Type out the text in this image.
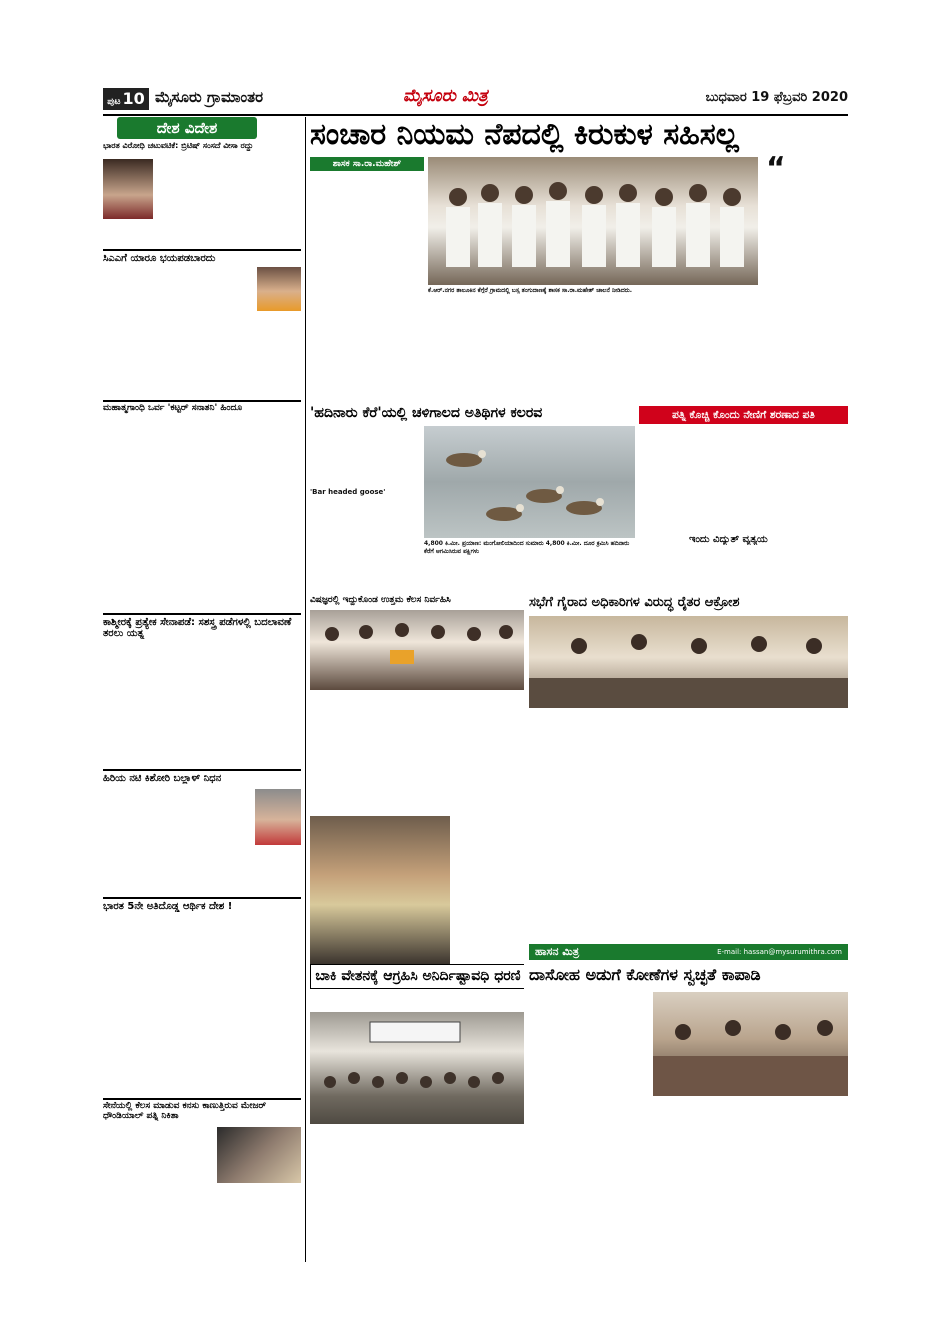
ಪುಟ 10 ಮೈಸೂರು ಗ್ರಾಮಾಂತರ	ಮೈಸೂರು ಮಿತ್ರ	ಬುಧವಾರ 19 ಫೆಬ್ರವರಿ 2020
ದೇಶ ವಿದೇಶ
ಭಾರತ ವಿರೋಧಿ ಚಟುವಟಿಕೆ: ಬ್ರಿಟಿಷ್ ಸಂಸದೆ ವೀಸಾ ರದ್ದು
ಸಿಎಎಗೆ ಯಾರೂ ಭಯಪಡಬಾರದು
ಮಹಾತ್ಮಗಾಂಧಿ ಒರ್ವ 'ಕಟ್ಟರ್ ಸನಾತನಿ' ಹಿಂದೂ
ಕಾಶ್ಮೀರಕ್ಕೆ ಪ್ರತ್ಯೇಕ ಸೇನಾಪಡೆ: ಸಶಸ್ತ್ರ ಪಡೆಗಳಲ್ಲಿ ಬದಲಾವಣೆ ತರಲು ಯತ್ನ
ಹಿರಿಯ ನಟಿ ಕಿಶೋರಿ ಬಲ್ಲಾಳ್ ನಿಧನ
ಭಾರತ 5ನೇ ಅತಿದೊಡ್ಡ ಆರ್ಥಿಕ ದೇಶ !
ಸೇನೆಯಲ್ಲಿ ಕೆಲಸ ಮಾಡುವ ಕನಸು ಕಾಣುತ್ತಿರುವ ಮೇಜರ್ ಧೌಂಡಿಯಾಲ್ ಪತ್ನಿ ನಿಕಿತಾ
ಸಂಚಾರ ನಿಯಮ ನೆಪದಲ್ಲಿ ಕಿರುಕುಳ ಸಹಿಸಲ್ಲ
ಶಾಸಕ ಸಾ.ರಾ.ಮಹೇಶ್
ಕೆ.ಆರ್.ನಗರ ತಾಲೂಕಿನ ಕೆಗ್ಗೆರೆ ಗ್ರಾಮದಲ್ಲಿ ಬಸ್ಸ ತಂಗುದಾಣಕ್ಕೆ ಶಾಸಕ ಸಾ.ರಾ.ಮಹೇಶ್ ಚಾಲನೆ ನೀಡಿದರು.
“
'ಹದಿನಾರು ಕೆರೆ'ಯಲ್ಲಿ ಚಳಿಗಾಲದ ಅತಿಥಿಗಳ ಕಲರವ
'Bar headed goose'
4,800 ಕಿ.ಮೀ. ಪ್ರಯಾಣ: ಮಂಗೋಲಿಯಾದಿಂದ ಸುಮಾರು 4,800 ಕಿ.ಮೀ. ದೂರ ಕ್ರಮಿಸಿ ಹದಿನಾರು ಕೆರೆಗೆ ಆಗಮಿಸಿರುವ ಪಕ್ಷಿಗಳು
ಪತ್ನಿ ಕೊಚ್ಚಿ ಕೊಂದು ನೇಣಿಗೆ ಶರಣಾದ ಪತಿ
ಇಂದು ವಿದ್ಯುತ್ ವ್ಯತ್ಯಯ
ವಿಷಜ್ಞರಲ್ಲಿ ಇದ್ದುಕೊಂಡ ಉತ್ತಮ ಕೆಲಸ ನಿರ್ವಹಿಸಿ	ಸಭೆಗೆ ಗೈರಾದ ಅಧಿಕಾರಿಗಳ ವಿರುದ್ಧ ರೈತರ ಆಕ್ರೋಶ
ಬಾಕಿ ವೇತನಕ್ಕೆ ಆಗ್ರಹಿಸಿ ಅನಿರ್ದಿಷ್ಟಾವಧಿ ಧರಣಿ
ಹಾಸನ ಮಿತ್ರ	E-mail: hassan@mysurumithra.com
ದಾಸೋಹ ಅಡುಗೆ ಕೋಣೆಗಳ ಸ್ವಚ್ಛತೆ ಕಾಪಾಡಿ
